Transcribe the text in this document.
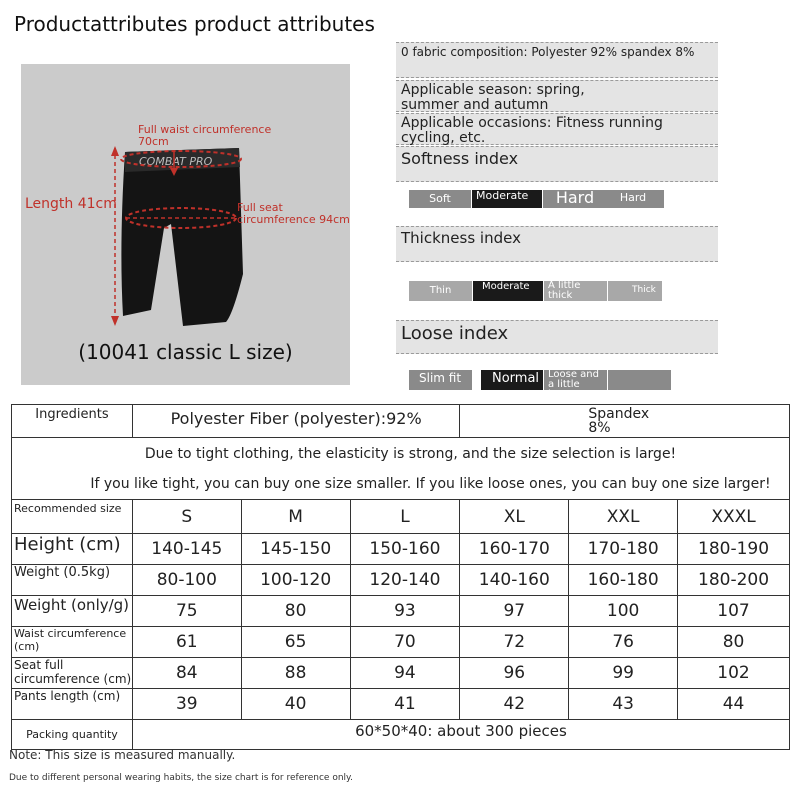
Productattributes product attributes
COMBAT PRO
Full waist circumference
70cm
Length 41cm	Full seat
circumference 94cm
(10041 classic L size)
0 fabric composition: Polyester 92% spandex 8%
Applicable season: spring,
summer and autumn
Applicable occasions: Fitness running
cycling, etc.
Softness index
Soft	Moderate	Hard	Hard
Thickness index
Thin	Moderate	A little thick	Thick
Loose index
Slim fit	Normal Loose and a little large
Ingredients	Polyester Fiber (polyester):92%			Spandex
8%		

Due to tight clothing, the elasticity is strong, and the size selection is large!
If you like tight, you can buy one size smaller. If you like loose ones, you can buy one size larger!						

Recommended size	S	M	L	XL	XXL	XXXL
Height (cm)	140-145	145-150	150-160	160-170	170-180	180-190
Weight (0.5kg)	80-100	100-120	120-140	140-160	160-180	180-200
Weight (only/g)	75	80	93	97	100	107
Waist circumference (cm)	61	65	70	72	76	80
Seat full circumference (cm)	84	88	94	96	99	102
Pants length (cm)	39	40	41	42	43	44
Packing quantity	60*50*40: about 300 pieces					
Note: This size is measured manually.
Due to different personal wearing habits, the size chart is for reference only.
